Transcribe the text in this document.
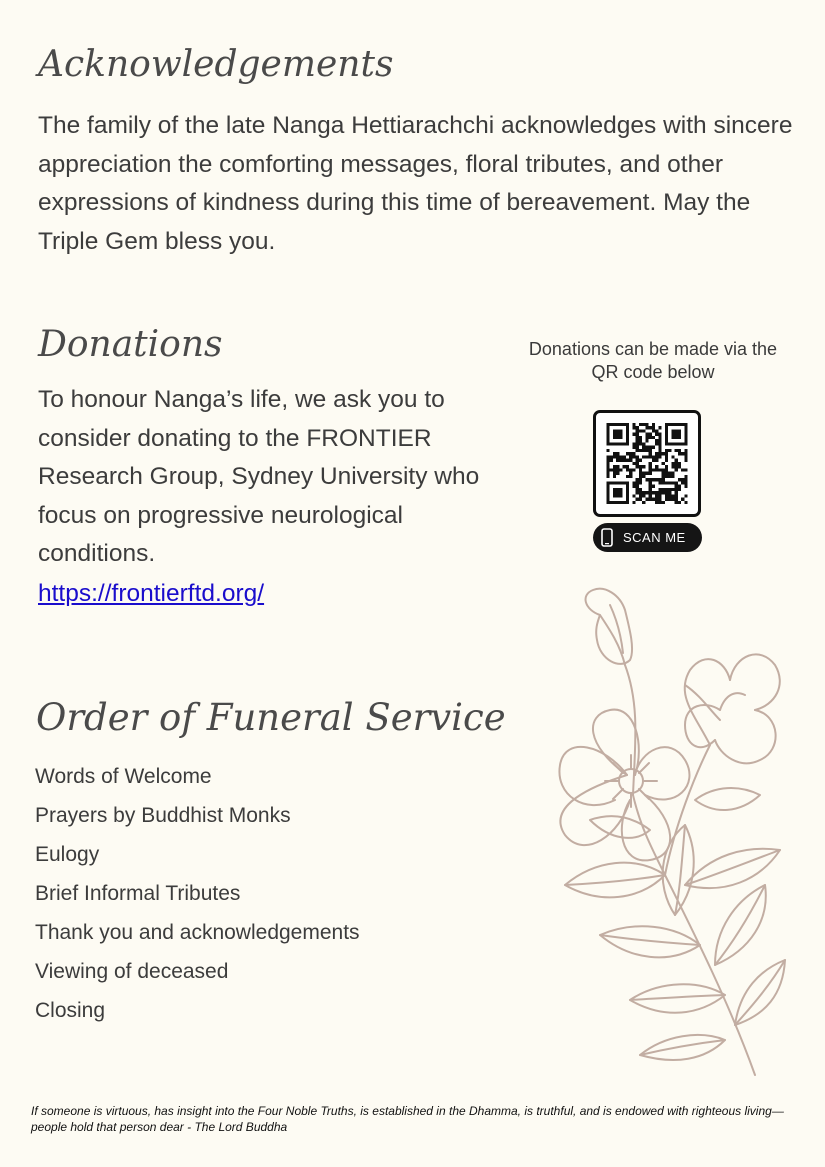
Acknowledgements

The family of the late Nanga Hettiarachchi acknowledges with sincere appreciation the comforting messages, floral tributes, and other expressions of kindness during this time of bereavement. May the Triple Gem bless you.

Donations

To honour Nanga’s life, we ask you to consider donating to the FRONTIER Research Group, Sydney University who focus on progressive neurological conditions.

https://frontierftd.org/

Donations can be made via the QR code below

SCAN ME
Order of Funeral Service
Words of Welcome
Prayers by Buddhist Monks
Eulogy
Brief Informal Tributes
Thank you and acknowledgements
Viewing of deceased
Closing

If someone is virtuous, has insight into the Four Noble Truths, is established in the Dhamma, is truthful, and is endowed with righteous living—people hold that person dear - The Lord Buddha
